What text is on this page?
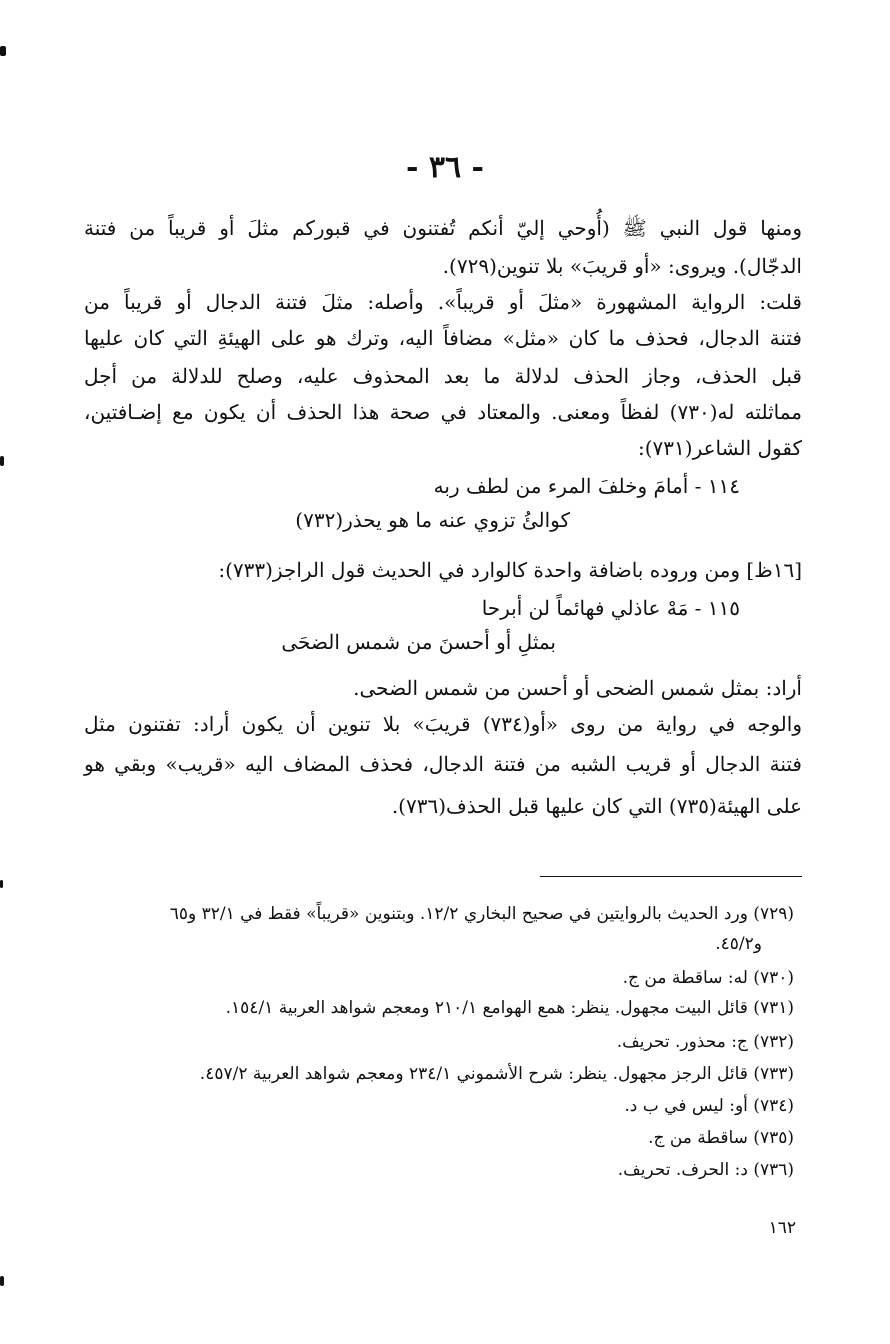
- ٣٦ -
ومنها قول النبي ﷺ (أُوحي إليّ أنكم تُفتنون في قبوركم مثلَ أو قريباً من فتنة
الدجّال). ويروى: «أو قريبَ» بلا تنوين(٧٢٩).
قلت: الرواية المشهورة «مثلَ أو قريباً». وأصله: مثلَ فتنة الدجال أو قريباً من
فتنة الدجال، فحذف ما كان «مثل» مضافاً اليه، وترك هو على الهيئةِ التي كان عليها
قبل الحذف، وجاز الحذف لدلالة ما بعد المحذوف عليه، وصلح للدلالة من أجل
مماثلته له(٧٣٠) لفظاً ومعنى. والمعتاد في صحة هذا الحذف أن يكون مع إضـافتين،
كقول الشاعر(٧٣١):
١١٤ - أمامَ وخلفَ المرء من لطف ربه
كوالئُ تزوي عنه ما هو يحذر(٧٣٢)
[١٦ظ] ومن وروده باضافة واحدة كالوارد في الحديث قول الراجز(٧٣٣):
١١٥ - مَهْ عاذلي فهائماً لن أبرحا
بمثلِ أو أحسنَ من شمس الضحَى
أراد: بمثل شمس الضحى أو أحسن من شمس الضحى.
والوجه في رواية من روى «أو(٧٣٤) قريبَ» بلا تنوين أن يكون أراد: تفتنون مثل
فتنة الدجال أو قريب الشبه من فتنة الدجال، فحذف المضاف اليه «قريب» وبقي هو
على الهيئة(٧٣٥) التي كان عليها قبل الحذف(٧٣٦).
(٧٢٩) ورد الحديث بالروايتين في صحيح البخاري ١٢/٢. وبتنوين «قريباً» فقط في ٣٢/١ و٦٥
و٤٥/٢.
(٧٣٠) له: ساقطة من ج.
(٧٣١) قائل البيت مجهول. ينظر: همع الهوامع ٢١٠/١ ومعجم شواهد العربية ١٥٤/١.
(٧٣٢) ج: محذور. تحريف.
(٧٣٣) قائل الرجز مجهول. ينظر: شرح الأشموني ٢٣٤/١ ومعجم شواهد العربية ٤٥٧/٢.
(٧٣٤) أو: ليس في ب د.
(٧٣٥) ساقطة من ج.
(٧٣٦) د: الحرف. تحريف.
١٦٢
